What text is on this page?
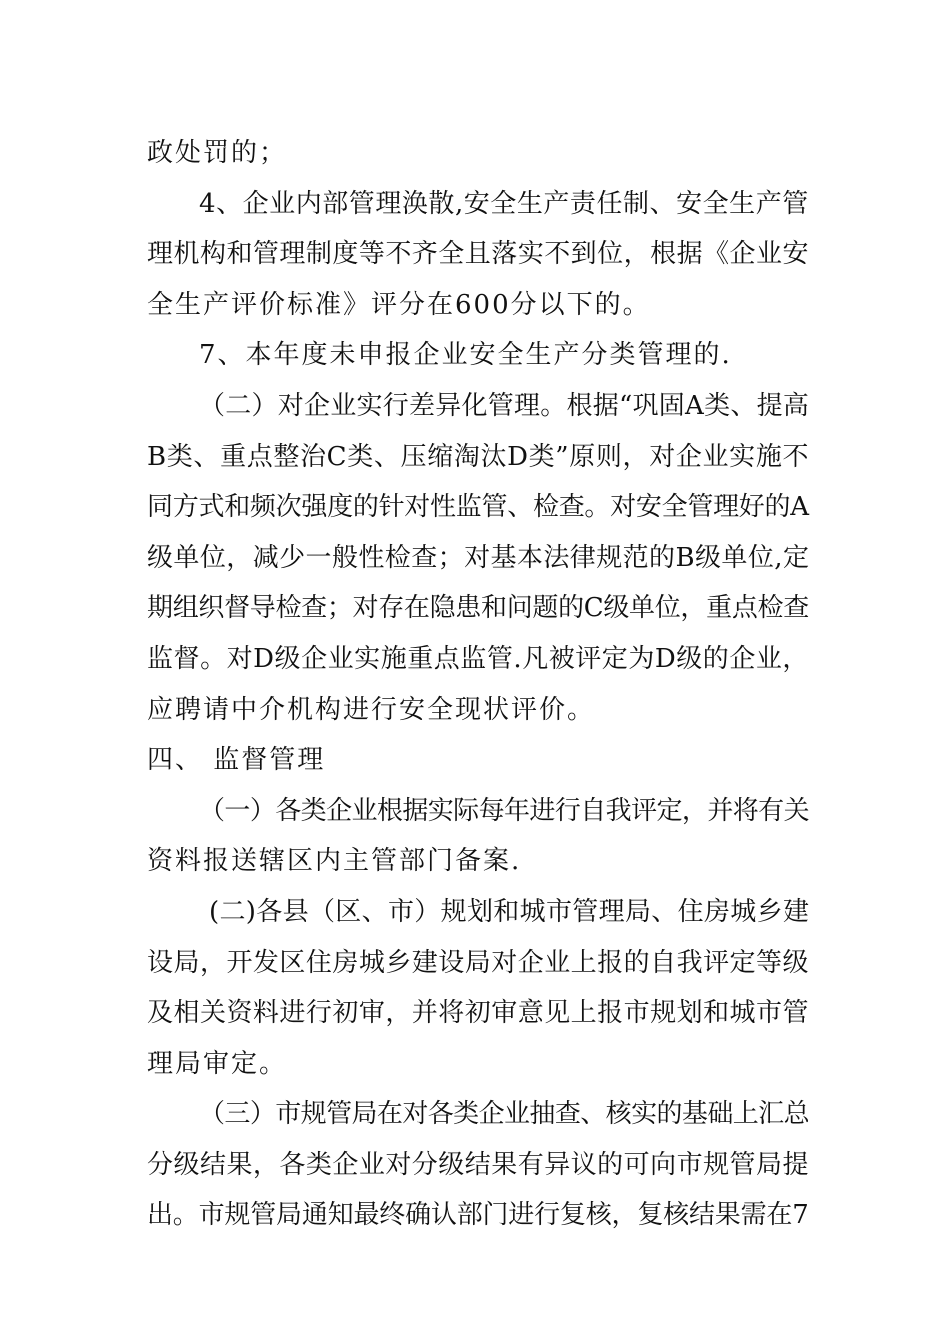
政处罚的；
4、企业内部管理涣散,安全生产责任制、安全生产管
理机构和管理制度等不齐全且落实不到位，根据《企业安
全生产评价标准》评分在600分以下的。
7、本年度未申报企业安全生产分类管理的.
（二）对企业实行差异化管理。根据“巩固A类、提高
B类、重点整治C类、压缩淘汰D类”原则，对企业实施不
同方式和频次强度的针对性监管、检查。对安全管理好的A
级单位，减少一般性检查；对基本法律规范的B级单位,定
期组织督导检查；对存在隐患和问题的C级单位，重点检查
监督。对D级企业实施重点监管.凡被评定为D级的企业，
应聘请中介机构进行安全现状评价。
四、 监督管理
（一）各类企业根据实际每年进行自我评定，并将有关
资料报送辖区内主管部门备案.
(二)各县（区、市）规划和城市管理局、住房城乡建
设局，开发区住房城乡建设局对企业上报的自我评定等级
及相关资料进行初审，并将初审意见上报市规划和城市管
理局审定。
（三）市规管局在对各类企业抽查、核实的基础上汇总
分级结果，各类企业对分级结果有异议的可向市规管局提
出。市规管局通知最终确认部门进行复核，复核结果需在7
